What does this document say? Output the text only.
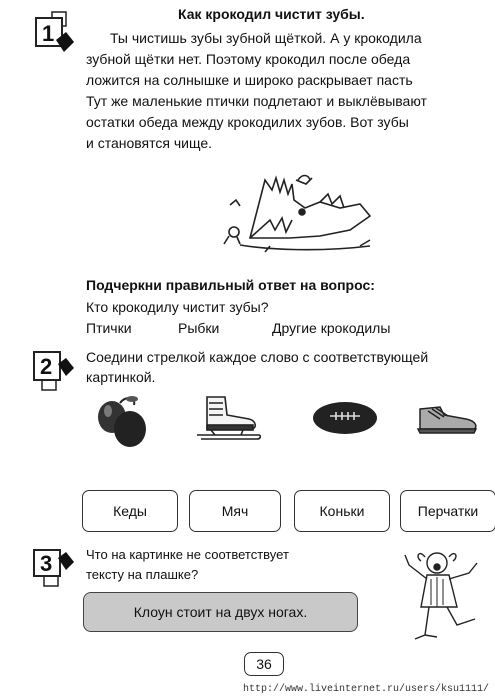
1
2
3
Как крокодил чистит зубы.
Ты чистишь зубы зубной щёткой. А у крокодила
зубной щётки нет. Поэтому крокодил после обеда
ложится на солнышке и широко раскрывает пасть
Тут же маленькие птички подлетают и выклёвывают
остатки обеда между крокодилих зубов. Вот зубы
и становятся чище.
Подчеркни правильный ответ на вопрос:
Кто крокодилу чистит зубы?
Птички	Рыбки	Другие крокодилы
Соедини стрелкой каждое слово с соответствующей
картинкой.
Кеды	Мяч	Коньки	Перчатки
Что на картинке не соответствует
тексту на плашке?
Клоун стоит на двух ногах.
36
http://www.liveinternet.ru/users/ksu1111/
